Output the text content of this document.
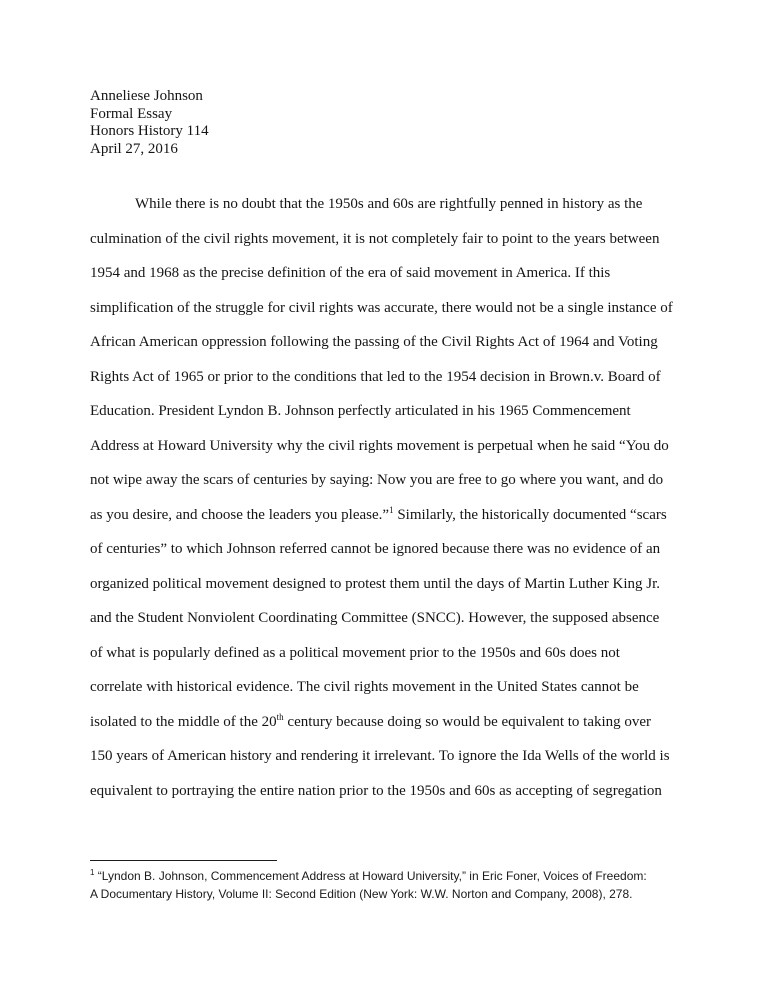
Anneliese Johnson
Formal Essay
Honors History 114
April 27, 2016
While there is no doubt that the 1950s and 60s are rightfully penned in history as the
culmination of the civil rights movement, it is not completely fair to point to the years between
1954 and 1968 as the precise definition of the era of said movement in America. If this
simplification of the struggle for civil rights was accurate, there would not be a single instance of
African American oppression following the passing of the Civil Rights Act of 1964 and Voting
Rights Act of 1965 or prior to the conditions that led to the 1954 decision in Brown.v. Board of
Education. President Lyndon B. Johnson perfectly articulated in his 1965 Commencement
Address at Howard University why the civil rights movement is perpetual when he said “You do
not wipe away the scars of centuries by saying: Now you are free to go where you want, and do
as you desire, and choose the leaders you please.”$^1$ Similarly, the historically documented “scars
of centuries” to which Johnson referred cannot be ignored because there was no evidence of an
organized political movement designed to protest them until the days of Martin Luther King Jr.
and the Student Nonviolent Coordinating Committee (SNCC). However, the supposed absence
of what is popularly defined as a political movement prior to the 1950s and 60s does not
correlate with historical evidence. The civil rights movement in the United States cannot be
isolated to the middle of the 20th century because doing so would be equivalent to taking over
150 years of American history and rendering it irrelevant. To ignore the Ida Wells of the world is
equivalent to portraying the entire nation prior to the 1950s and 60s as accepting of segregation
$^1$ “Lyndon B. Johnson, Commencement Address at Howard University,” in Eric Foner, Voices of Freedom:
A Documentary History, Volume II: Second Edition (New York: W.W. Norton and Company, 2008), 278.
